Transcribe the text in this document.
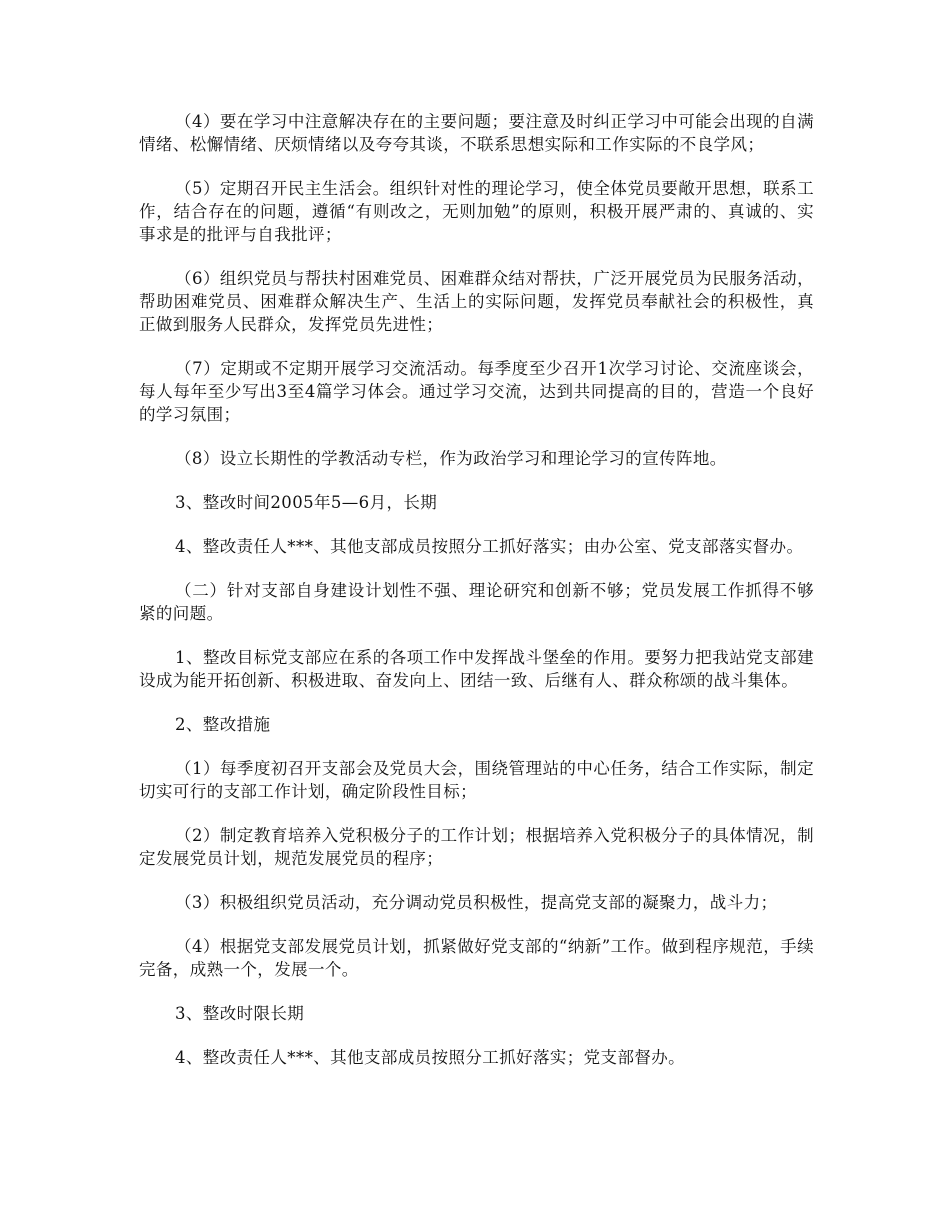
（4）要在学习中注意解决存在的主要问题；要注意及时纠正学习中可能会出现的自满情绪、松懈情绪、厌烦情绪以及夸夸其谈，不联系思想实际和工作实际的不良学风；

（5）定期召开民主生活会。组织针对性的理论学习，使全体党员要敞开思想，联系工作，结合存在的问题，遵循“有则改之，无则加勉”的原则，积极开展严肃的、真诚的、实事求是的批评与自我批评；

（6）组织党员与帮扶村困难党员、困难群众结对帮扶，广泛开展党员为民服务活动，帮助困难党员、困难群众解决生产、生活上的实际问题，发挥党员奉献社会的积极性，真正做到服务人民群众，发挥党员先进性；

（7）定期或不定期开展学习交流活动。每季度至少召开1次学习讨论、交流座谈会，每人每年至少写出3至4篇学习体会。通过学习交流，达到共同提高的目的，营造一个良好的学习氛围；

（8）设立长期性的学教活动专栏，作为政治学习和理论学习的宣传阵地。

3、整改时间2005年5—6月，长期

4、整改责任人***、其他支部成员按照分工抓好落实；由办公室、党支部落实督办。

（二）针对支部自身建设计划性不强、理论研究和创新不够；党员发展工作抓得不够紧的问题。

1、整改目标党支部应在系的各项工作中发挥战斗堡垒的作用。要努力把我站党支部建设成为能开拓创新、积极进取、奋发向上、团结一致、后继有人、群众称颂的战斗集体。

2、整改措施

（1）每季度初召开支部会及党员大会，围绕管理站的中心任务，结合工作实际，制定切实可行的支部工作计划，确定阶段性目标；

（2）制定教育培养入党积极分子的工作计划；根据培养入党积极分子的具体情况，制定发展党员计划，规范发展党员的程序；

（3）积极组织党员活动，充分调动党员积极性，提高党支部的凝聚力，战斗力；

（4）根据党支部发展党员计划，抓紧做好党支部的“纳新”工作。做到程序规范，手续完备，成熟一个，发展一个。

3、整改时限长期

4、整改责任人***、其他支部成员按照分工抓好落实；党支部督办。
